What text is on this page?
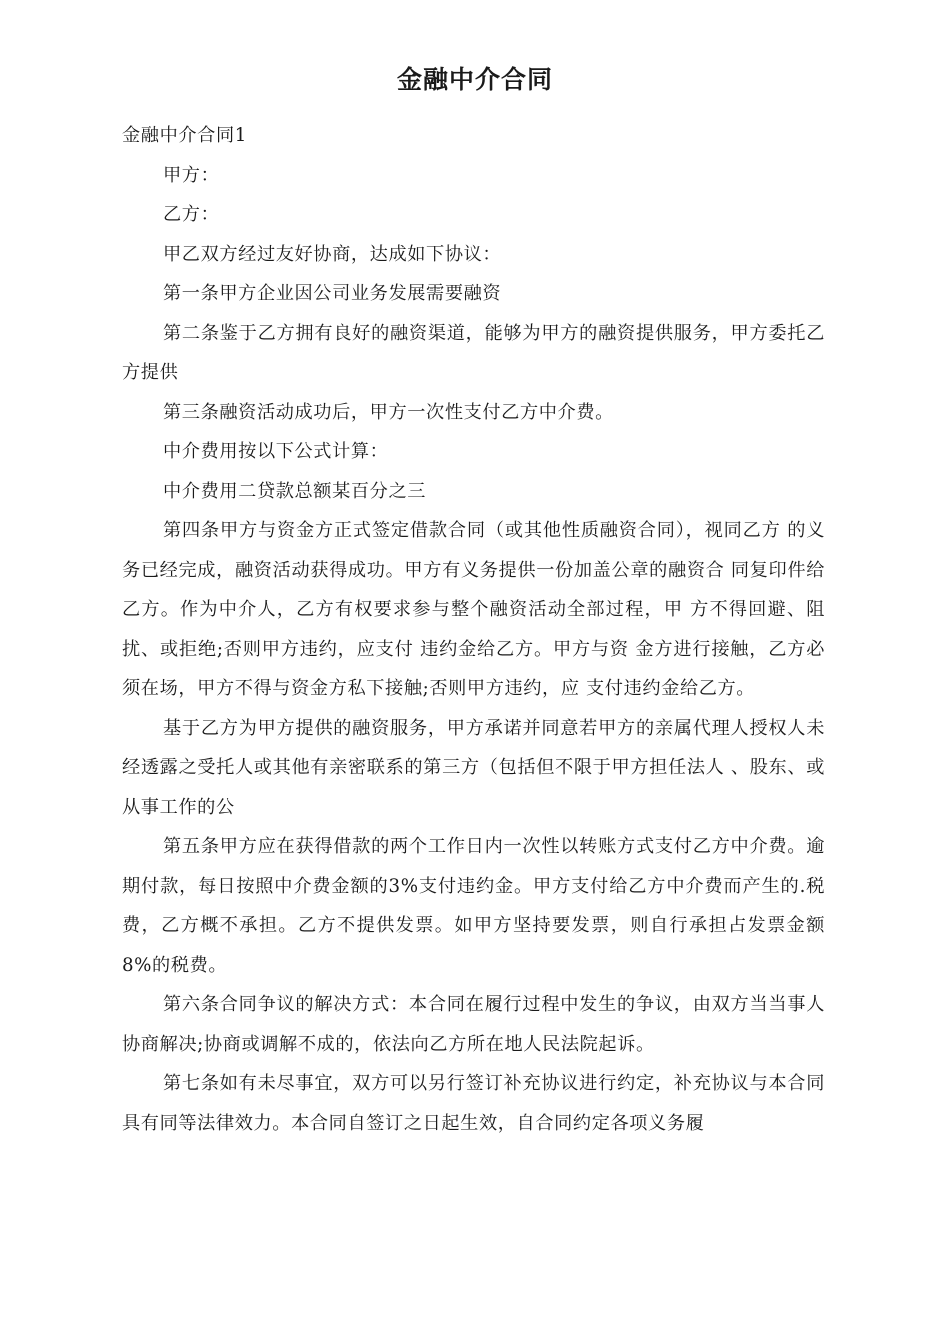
金融中介合同

金融中介合同1

甲方：

乙方：

甲乙双方经过友好协商，达成如下协议：

第一条甲方企业因公司业务发展需要融资

第二条鉴于乙方拥有良好的融资渠道，能够为甲方的融资提供服务，甲方委托乙方提供

第三条融资活动成功后，甲方一次性支付乙方中介费。

中介费用按以下公式计算：

中介费用二贷款总额某百分之三

第四条甲方与资金方正式签定借款合同（或其他性质融资合同），视同乙方 的义务已经完成，融资活动获得成功。甲方有义务提供一份加盖公章的融资合 同复印件给乙方。作为中介人，乙方有权要求参与整个融资活动全部过程，甲 方不得回避、阻扰、或拒绝;否则甲方违约，应支付 违约金给乙方。甲方与资 金方进行接触，乙方必须在场，甲方不得与资金方私下接触;否则甲方违约，应 支付违约金给乙方。

基于乙方为甲方提供的融资服务，甲方承诺并同意若甲方的亲属代理人授权人未经透露之受托人或其他有亲密联系的第三方（包括但不限于甲方担任法人 、股东、或从事工作的公

第五条甲方应在获得借款的两个工作日内一次性以转账方式支付乙方中介费。逾期付款，每日按照中介费金额的3%支付违约金。甲方支付给乙方中介费而产生的.税费，乙方概不承担。乙方不提供发票。如甲方坚持要发票，则自行承担占发票金额8%的税费。

第六条合同争议的解决方式：本合同在履行过程中发生的争议，由双方当当事人协商解决;协商或调解不成的，依法向乙方所在地人民法院起诉。

第七条如有未尽事宜，双方可以另行签订补充协议进行约定，补充协议与本合同具有同等法律效力。本合同自签订之日起生效，自合同约定各项义务履
